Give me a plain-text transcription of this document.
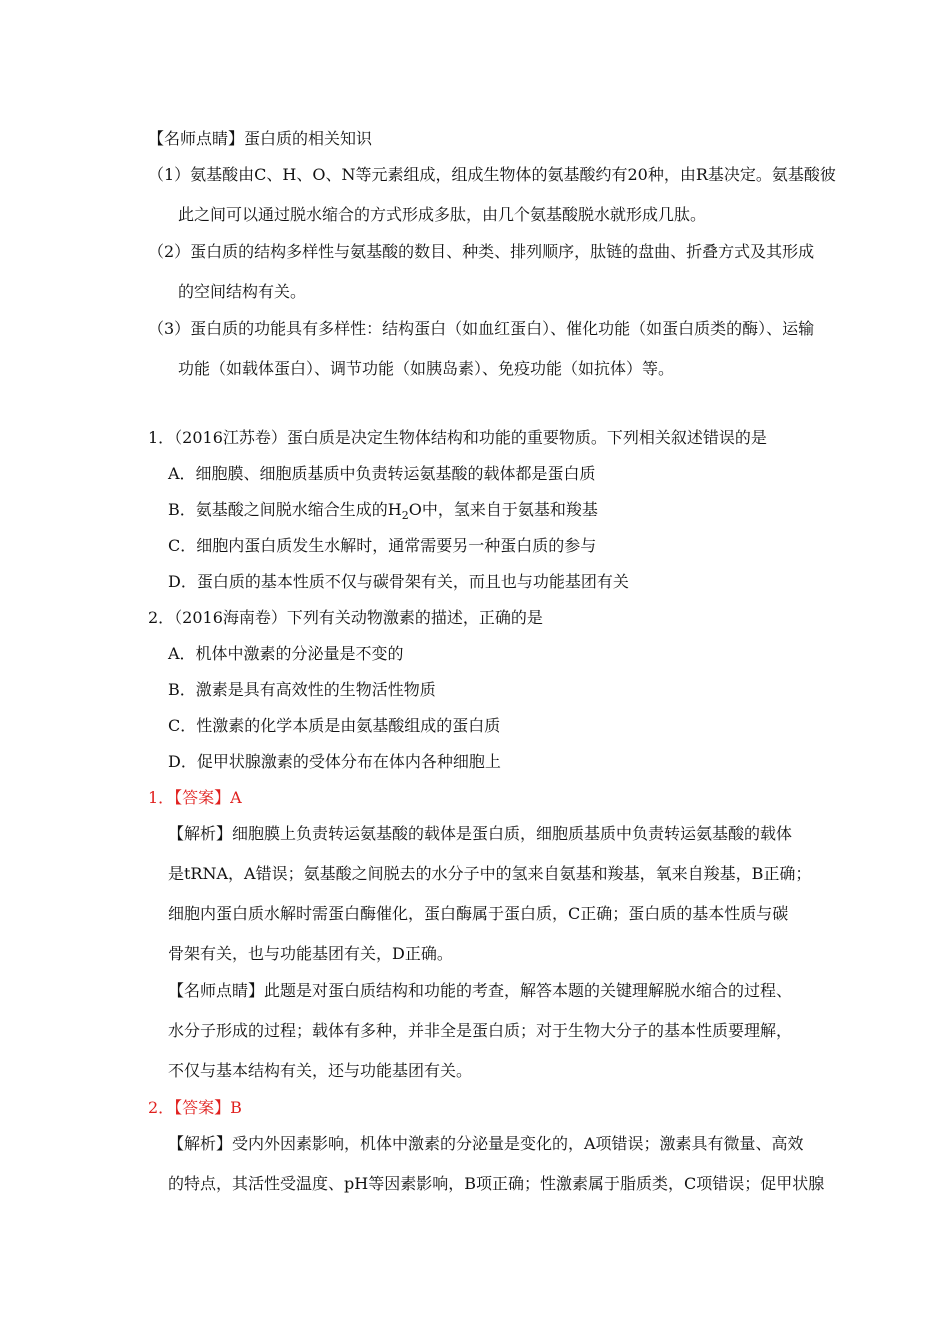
【名师点睛】蛋白质的相关知识
（1）氨基酸由C、H、O、N等元素组成，组成生物体的氨基酸约有20种，由R基决定。氨基酸彼
此之间可以通过脱水缩合的方式形成多肽，由几个氨基酸脱水就形成几肽。
（2）蛋白质的结构多样性与氨基酸的数目、种类、排列顺序，肽链的盘曲、折叠方式及其形成
的空间结构有关。
（3）蛋白质的功能具有多样性：结构蛋白（如血红蛋白）、催化功能（如蛋白质类的酶）、运输
功能（如载体蛋白）、调节功能（如胰岛素）、免疫功能（如抗体）等。
1．（2016江苏卷）蛋白质是决定生物体结构和功能的重要物质。下列相关叙述错误的是
A．细胞膜、细胞质基质中负责转运氨基酸的载体都是蛋白质
B．氨基酸之间脱水缩合生成的$H_2O$中，氢来自于氨基和羧基
C．细胞内蛋白质发生水解时，通常需要另一种蛋白质的参与
D．蛋白质的基本性质不仅与碳骨架有关，而且也与功能基团有关
2．（2016海南卷）下列有关动物激素的描述，正确的是
A．机体中激素的分泌量是不变的
B．激素是具有高效性的生物活性物质
C．性激素的化学本质是由氨基酸组成的蛋白质
D．促甲状腺激素的受体分布在体内各种细胞上
1．【答案】A
【解析】细胞膜上负责转运氨基酸的载体是蛋白质，细胞质基质中负责转运氨基酸的载体
是tRNA，A错误；氨基酸之间脱去的水分子中的氢来自氨基和羧基，氧来自羧基，B正确；
细胞内蛋白质水解时需蛋白酶催化，蛋白酶属于蛋白质，C正确；蛋白质的基本性质与碳
骨架有关，也与功能基团有关，D正确。
【名师点睛】此题是对蛋白质结构和功能的考查，解答本题的关键理解脱水缩合的过程、
水分子形成的过程；载体有多种，并非全是蛋白质；对于生物大分子的基本性质要理解，
不仅与基本结构有关，还与功能基团有关。
2．【答案】B
【解析】受内外因素影响，机体中激素的分泌量是变化的，A项错误；激素具有微量、高效
的特点，其活性受温度、pH等因素影响，B项正确；性激素属于脂质类，C项错误；促甲状腺
